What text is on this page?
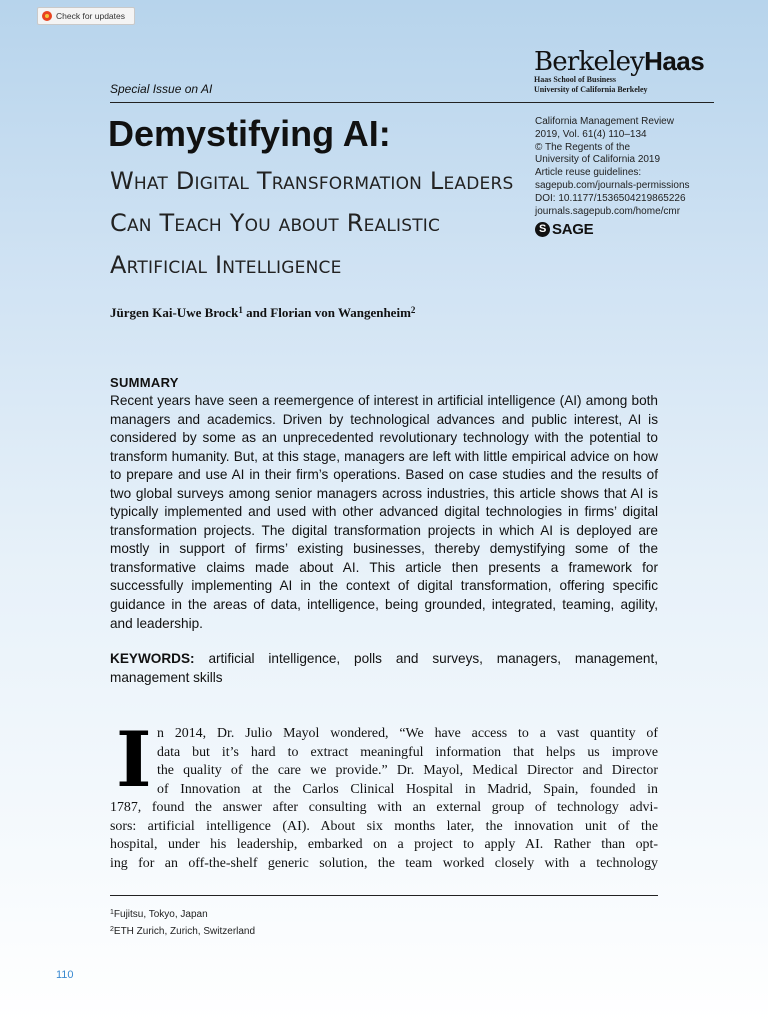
Check for updates
BerkeleyHaas
Haas School of Business
University of California Berkeley
Special Issue on AI
Demystifying AI:
What Digital Transformation Leaders Can Teach You about Realistic Artificial Intelligence
California Management Review
2019, Vol. 61(4) 110–134
© The Regents of the
University of California 2019
Article reuse guidelines:
sagepub.com/journals-permissions
DOI: 10.1177/1536504219865226
journals.sagepub.com/home/cmr
S SAGE
Jürgen Kai-Uwe Brock$^1$ and Florian von Wangenheim$^2$
SUMMARY
Recent years have seen a reemergence of interest in artificial intelligence (AI) among both managers and academics. Driven by technological advances and public interest, AI is considered by some as an unprecedented revolutionary technology with the potential to transform humanity. But, at this stage, managers are left with little empirical advice on how to prepare and use AI in their firm’s operations. Based on case studies and the results of two global surveys among senior managers across industries, this article shows that AI is typically implemented and used with other advanced digital technologies in firms’ digital transformation projects. The digital transformation projects in which AI is deployed are mostly in support of firms’ existing businesses, thereby demystifying some of the transformative claims made about AI. This article then presents a framework for successfully implementing AI in the context of digital transformation, offering specific guidance in the areas of data, intelligence, being grounded, integrated, teaming, agility, and leadership.
KEYWORDS: artificial intelligence, polls and surveys, managers, management, management skills
I n 2014, Dr. Julio Mayol wondered, “We have access to a vast quantity of
data but it’s hard to extract meaningful information that helps us improve
the quality of the care we provide.” Dr. Mayol, Medical Director and Director
of Innovation at the Carlos Clinical Hospital in Madrid, Spain, founded in
1787, found the answer after consulting with an external group of technology advi-
sors: artificial intelligence (AI). About six months later, the innovation unit of the
hospital, under his leadership, embarked on a project to apply AI. Rather than opt-
ing for an off-the-shelf generic solution, the team worked closely with a technology
$^1$Fujitsu, Tokyo, Japan
$^2$ETH Zurich, Zurich, Switzerland
110
